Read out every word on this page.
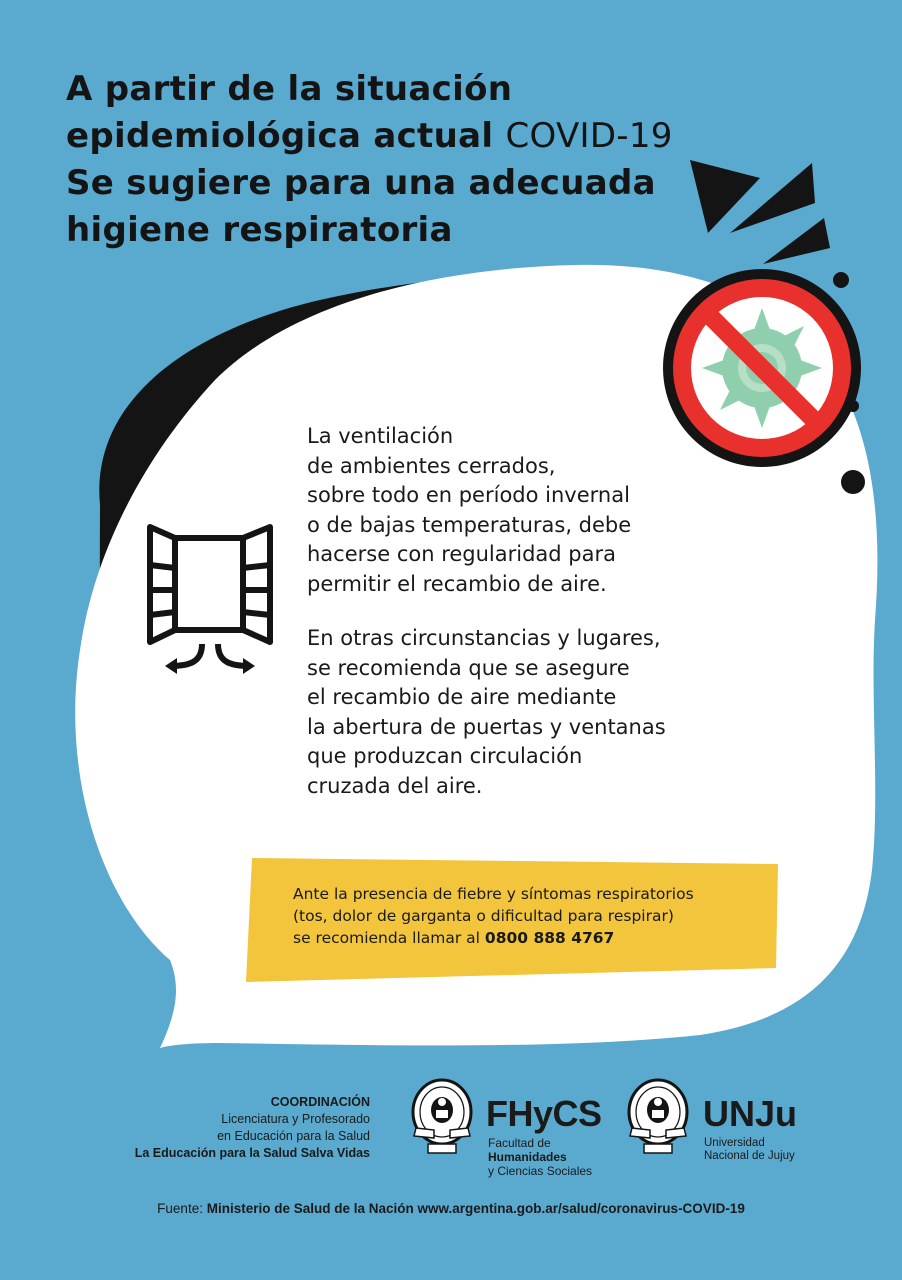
A partir de la situación
epidemiológica actual COVID-19
Se sugiere para una adecuada
higiene respiratoria

La ventilación
de ambientes cerrados,
sobre todo en período invernal
o de bajas temperaturas, debe
hacerse con regularidad para
permitir el recambio de aire.

En otras circunstancias y lugares,
se recomienda que se asegure
el recambio de aire mediante
la abertura de puertas y ventanas
que produzcan circulación
cruzada del aire.

Ante la presencia de fiebre y síntomas respiratorios
(tos, dolor de garganta o dificultad para respirar)
se recomienda llamar al 0800 888 4767

COORDINACIÓN
Licenciatura y Profesorado
en Educación para la Salud
La Educación para la Salud Salva Vidas

FHyCS
Facultad de
Humanidades
y Ciencias Sociales
UNJu
Universidad
Nacional de Jujuy
Fuente: Ministerio de Salud de la Nación www.argentina.gob.ar/salud/coronavirus-COVID-19
